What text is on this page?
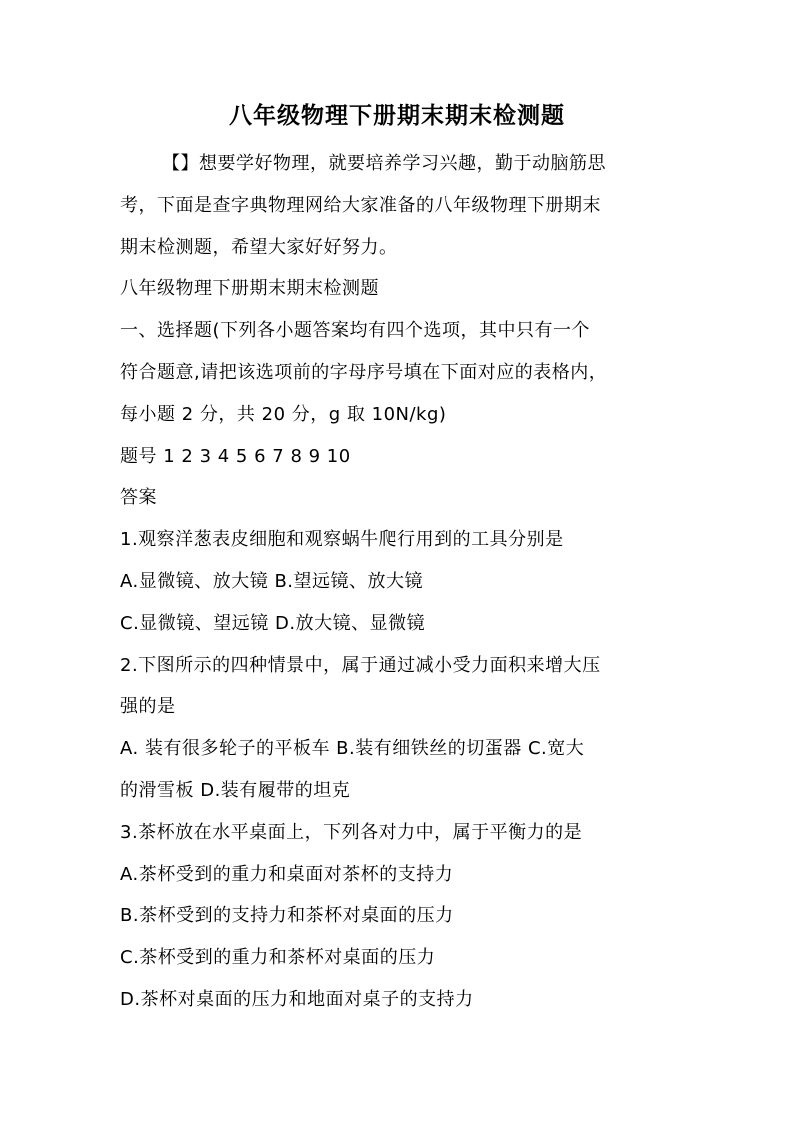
八年级物理下册期末期末检测题
【】想要学好物理，就要培养学习兴趣，勤于动脑筋思
考，下面是查字典物理网给大家准备的八年级物理下册期末
期末检测题，希望大家好好努力。
八年级物理下册期末期末检测题
一、选择题(下列各小题答案均有四个选项，其中只有一个
符合题意,请把该选项前的字母序号填在下面对应的表格内，
每小题 2 分，共 20 分，g 取 10N/kg)
题号 1 2 3 4 5 6 7 8 9 10
答案
1.观察洋葱表皮细胞和观察蜗牛爬行用到的工具分别是
A.显微镜、放大镜 B.望远镜、放大镜
C.显微镜、望远镜 D.放大镜、显微镜
2.下图所示的四种情景中，属于通过减小受力面积来增大压
强的是
A. 装有很多轮子的平板车 B.装有细铁丝的切蛋器 C.宽大
的滑雪板 D.装有履带的坦克
3.茶杯放在水平桌面上，下列各对力中，属于平衡力的是
A.茶杯受到的重力和桌面对茶杯的支持力
B.茶杯受到的支持力和茶杯对桌面的压力
C.茶杯受到的重力和茶杯对桌面的压力
D.茶杯对桌面的压力和地面对桌子的支持力
